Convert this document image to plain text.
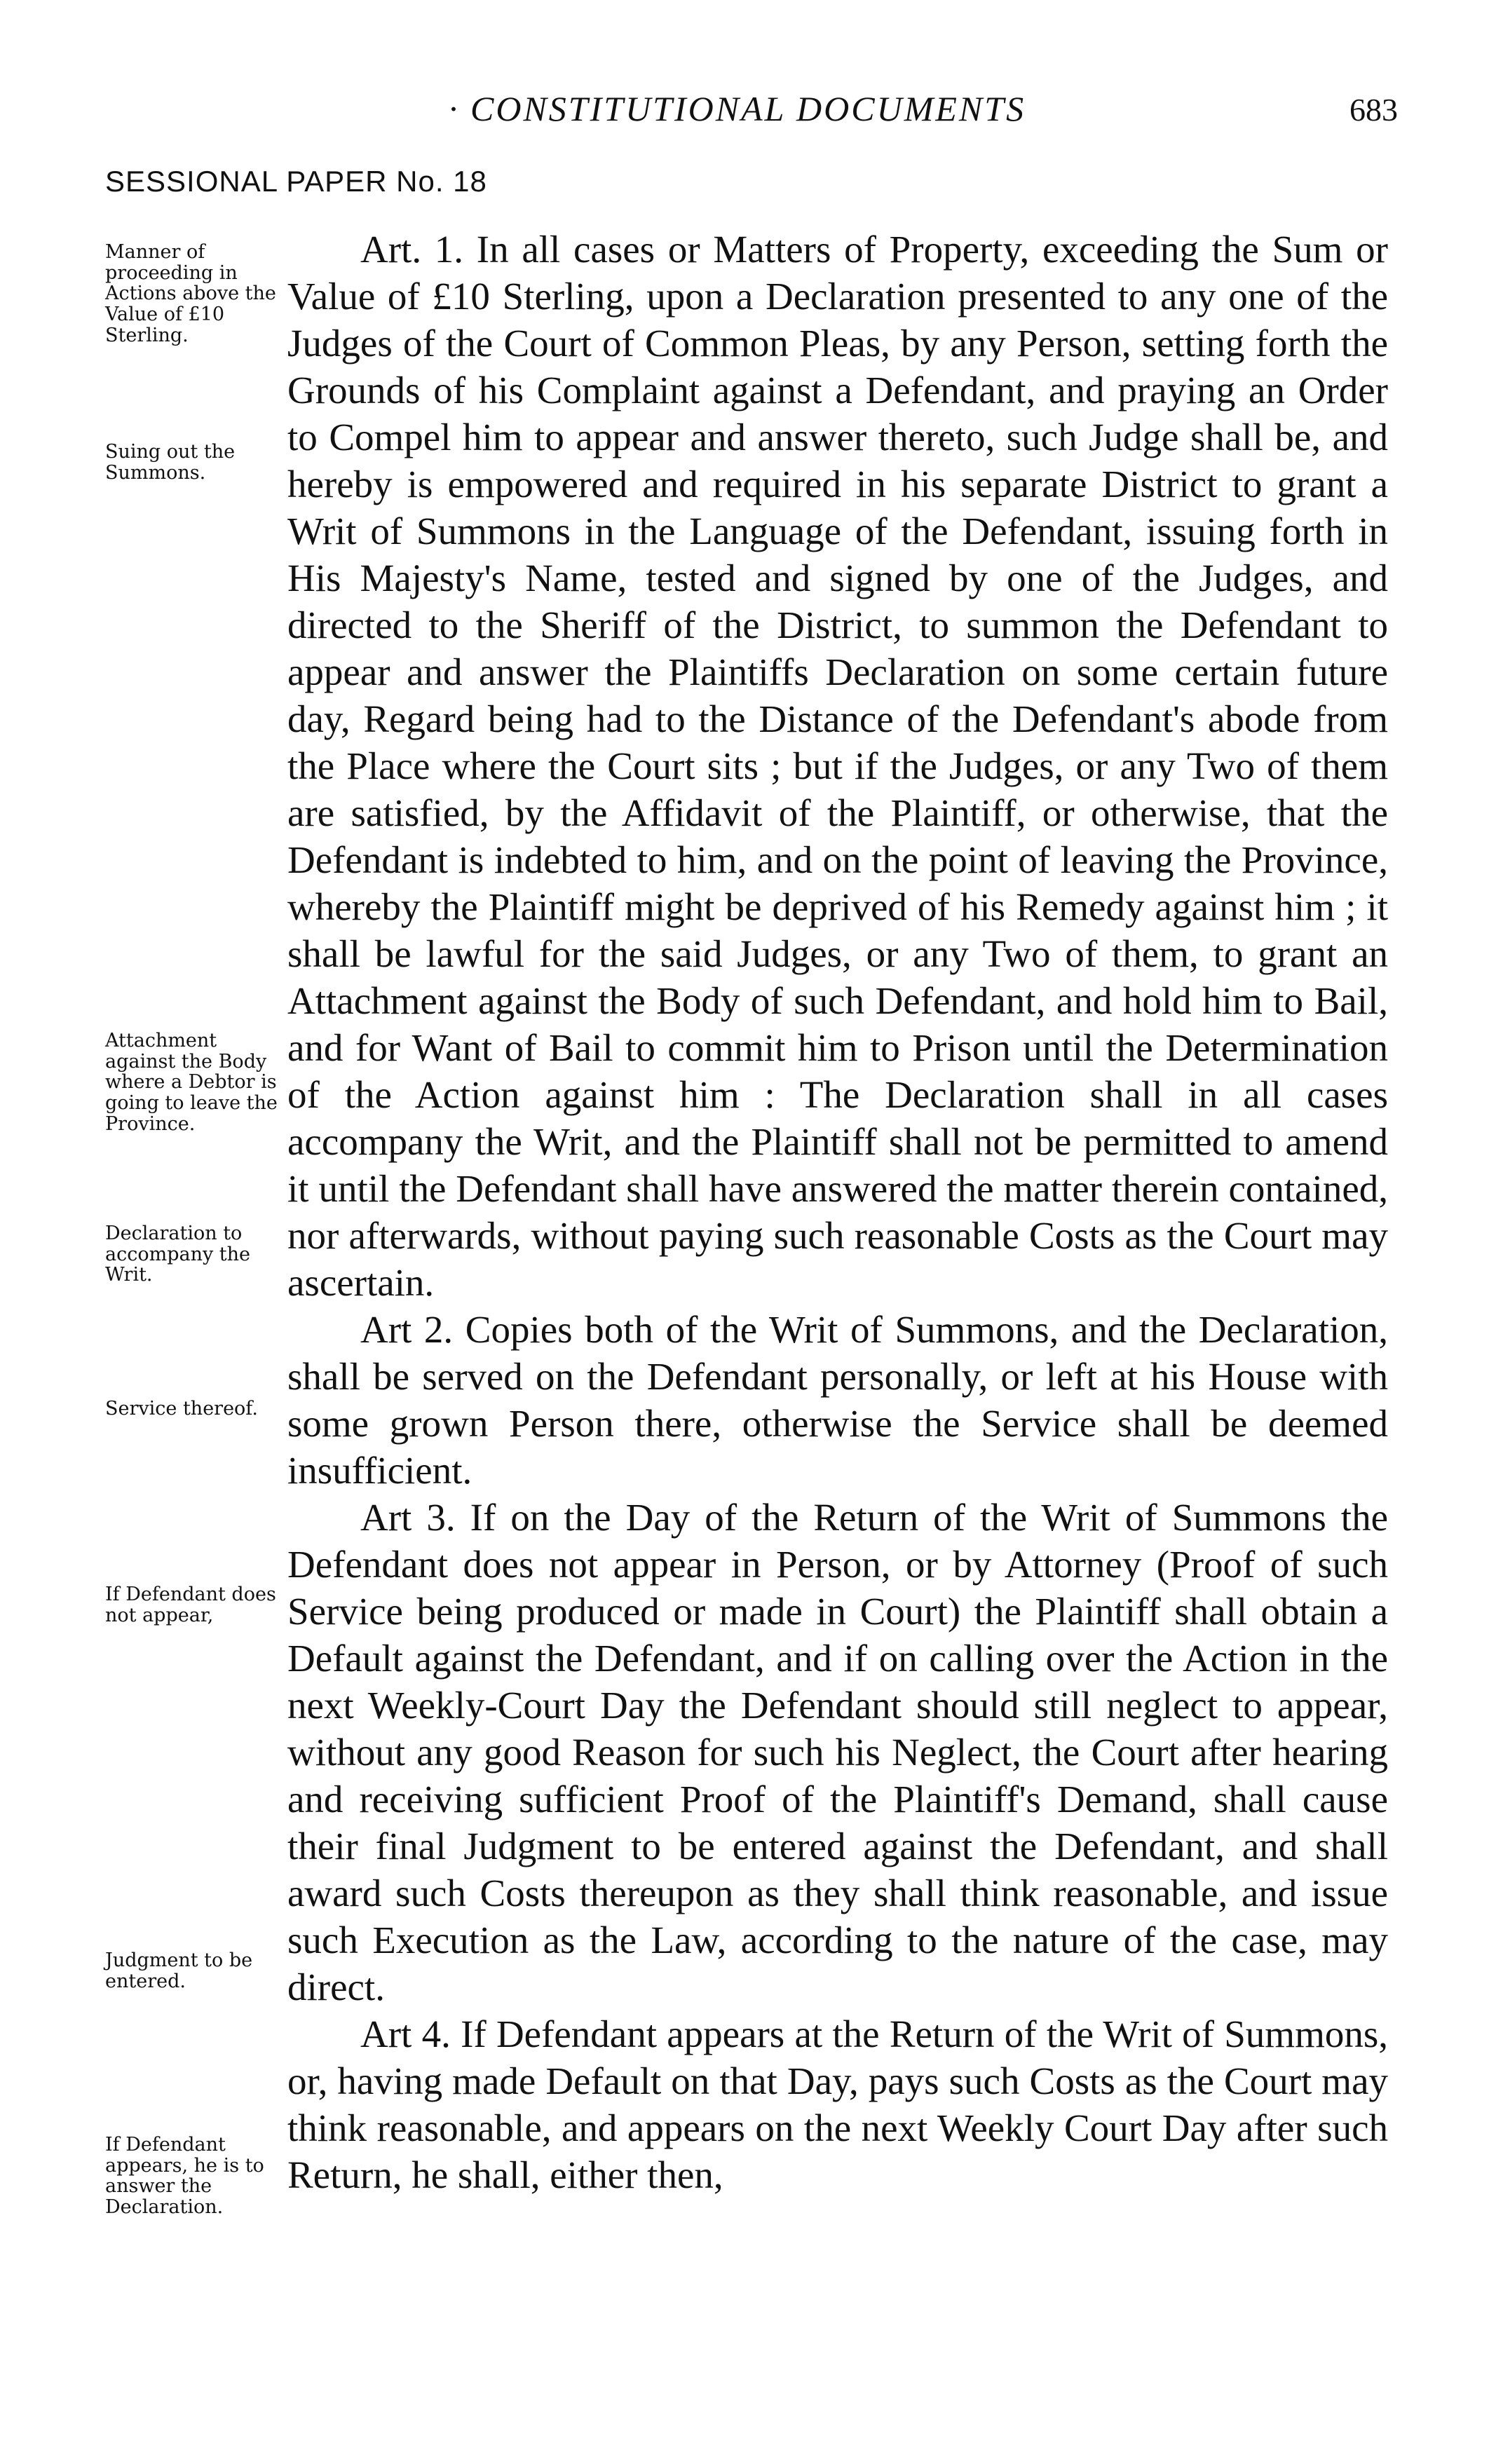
· CONSTITUTIONAL DOCUMENTS	683
SESSIONAL PAPER No. 18

Manner of proceeding in Actions above the Value of £10 Sterling.

Suing out the Summons.

Attachment against the Body where a Debtor is going to leave the Province.

Declaration to accompany the Writ.

Service thereof.

If Defendant does not appear,

Judgment to be entered.

If Defendant appears, he is to answer the Declaration.

Art. 1. In all cases or Matters of Property, exceeding the Sum or Value of £10 Sterling, upon a Declaration presented to any one of the Judges of the Court of Common Pleas, by any Person, setting forth the Grounds of his Complaint against a Defendant, and praying an Order to Compel him to appear and answer thereto, such Judge shall be, and hereby is empowered and required in his separate District to grant a Writ of Summons in the Language of the Defendant, issuing forth in His Majesty's Name, tested and signed by one of the Judges, and directed to the Sheriff of the District, to summon the Defendant to appear and answer the Plaintiffs Declaration on some certain future day, Regard being had to the Distance of the Defendant's abode from the Place where the Court sits ; but if the Judges, or any Two of them are satisfied, by the Affidavit of the Plaintiff, or otherwise, that the Defendant is indebted to him, and on the point of leaving the Province, whereby the Plaintiff might be deprived of his Remedy against him ; it shall be lawful for the said Judges, or any Two of them, to grant an Attachment against the Body of such Defendant, and hold him to Bail, and for Want of Bail to commit him to Prison until the Determination of the Action against him : The Declaration shall in all cases accompany the Writ, and the Plaintiff shall not be permitted to amend it until the Defendant shall have answered the matter therein contained, nor afterwards, without paying such reasonable Costs as the Court may ascertain.

Art 2. Copies both of the Writ of Summons, and the Declaration, shall be served on the Defendant personally, or left at his House with some grown Person there, otherwise the Service shall be deemed insufficient.

Art 3. If on the Day of the Return of the Writ of Summons the Defendant does not appear in Person, or by Attorney (Proof of such Service being produced or made in Court) the Plaintiff shall obtain a Default against the Defendant, and if on calling over the Action in the next Weekly-Court Day the Defendant should still neglect to appear, without any good Reason for such his Neglect, the Court after hearing and receiving sufficient Proof of the Plaintiff's Demand, shall cause their final Judgment to be entered against the Defendant, and shall award such Costs thereupon as they shall think reasonable, and issue such Execution as the Law, according to the nature of the case, may direct.

Art 4. If Defendant appears at the Return of the Writ of Summons, or, having made Default on that Day, pays such Costs as the Court may think reasonable, and appears on the next Weekly Court Day after such Return, he shall, either then,
